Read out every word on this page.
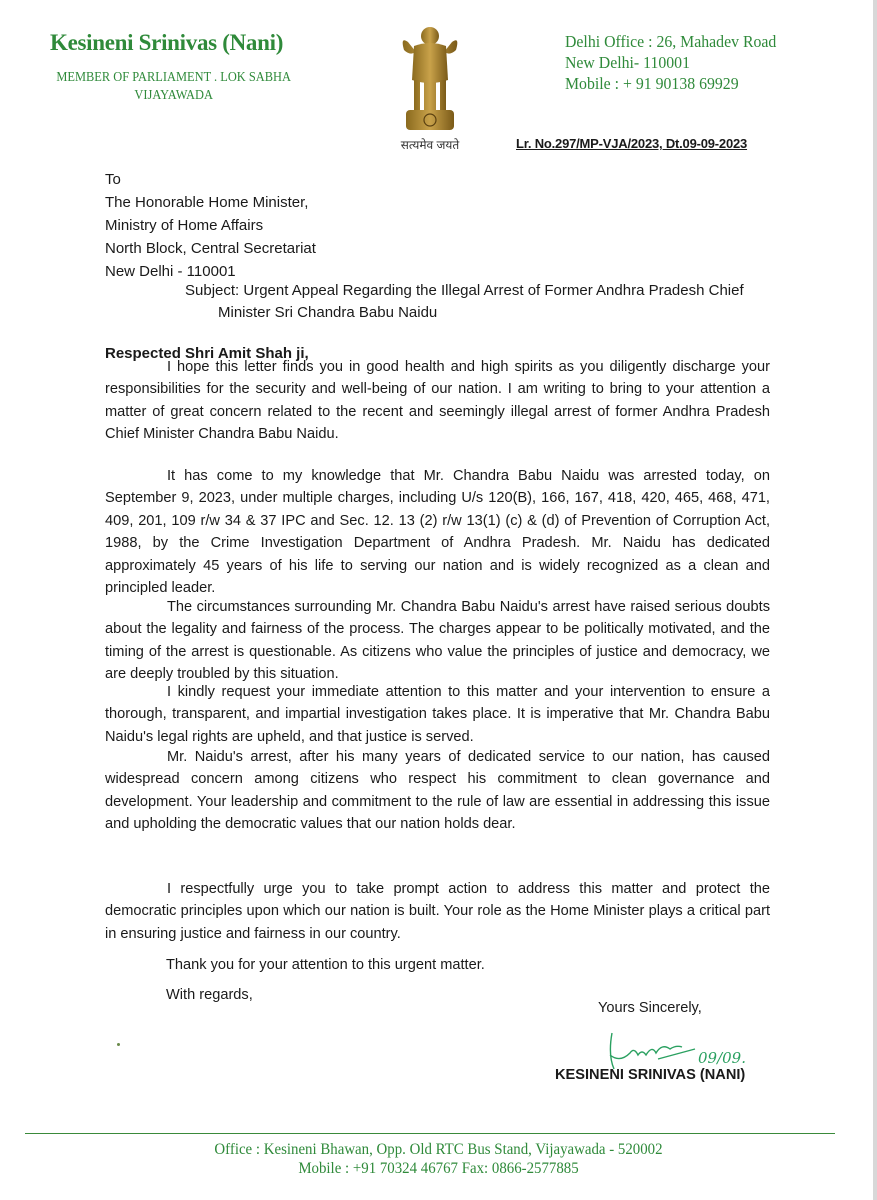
Kesineni Srinivas (Nani)
MEMBER OF PARLIAMENT . LOK SABHA
VIJAYAWADA
सत्यमेव जयते
Delhi Office : 26, Mahadev Road
New Delhi- 110001
Mobile : + 91 90138 69929
Lr. No.297/MP-VJA/2023, Dt.09-09-2023
To
The Honorable Home Minister,
Ministry of Home Affairs
North Block, Central Secretariat
New Delhi - 110001
Subject: Urgent Appeal Regarding the Illegal Arrest of Former Andhra Pradesh Chief
Minister Sri Chandra Babu Naidu
Respected Shri Amit Shah ji,

I hope this letter finds you in good health and high spirits as you diligently discharge your responsibilities for the security and well-being of our nation. I am writing to bring to your attention a matter of great concern related to the recent and seemingly illegal arrest of former Andhra Pradesh Chief Minister Chandra Babu Naidu.

It has come to my knowledge that Mr. Chandra Babu Naidu was arrested today, on September 9, 2023, under multiple charges, including U/s 120(B), 166, 167, 418, 420, 465, 468, 471, 409, 201, 109 r/w 34 & 37 IPC and Sec. 12. 13 (2) r/w 13(1) (c) & (d) of Prevention of Corruption Act, 1988, by the Crime Investigation Department of Andhra Pradesh. Mr. Naidu has dedicated approximately 45 years of his life to serving our nation and is widely recognized as a clean and principled leader.

The circumstances surrounding Mr. Chandra Babu Naidu's arrest have raised serious doubts about the legality and fairness of the process. The charges appear to be politically motivated, and the timing of the arrest is questionable. As citizens who value the principles of justice and democracy, we are deeply troubled by this situation.

I kindly request your immediate attention to this matter and your intervention to ensure a thorough, transparent, and impartial investigation takes place. It is imperative that Mr. Chandra Babu Naidu's legal rights are upheld, and that justice is served.

Mr. Naidu's arrest, after his many years of dedicated service to our nation, has caused widespread concern among citizens who respect his commitment to clean governance and development. Your leadership and commitment to the rule of law are essential in addressing this issue and upholding the democratic values that our nation holds dear.

I respectfully urge you to take prompt action to address this matter and protect the democratic principles upon which our nation is built. Your role as the Home Minister plays a critical part in ensuring justice and fairness in our country.

Thank you for your attention to this urgent matter.
With regards,
Yours Sincerely,
09/09.
KESINENI SRINIVAS (NANI)
Office : Kesineni Bhawan, Opp. Old RTC Bus Stand, Vijayawada - 520002
Mobile : +91 70324 46767 Fax: 0866-2577885
